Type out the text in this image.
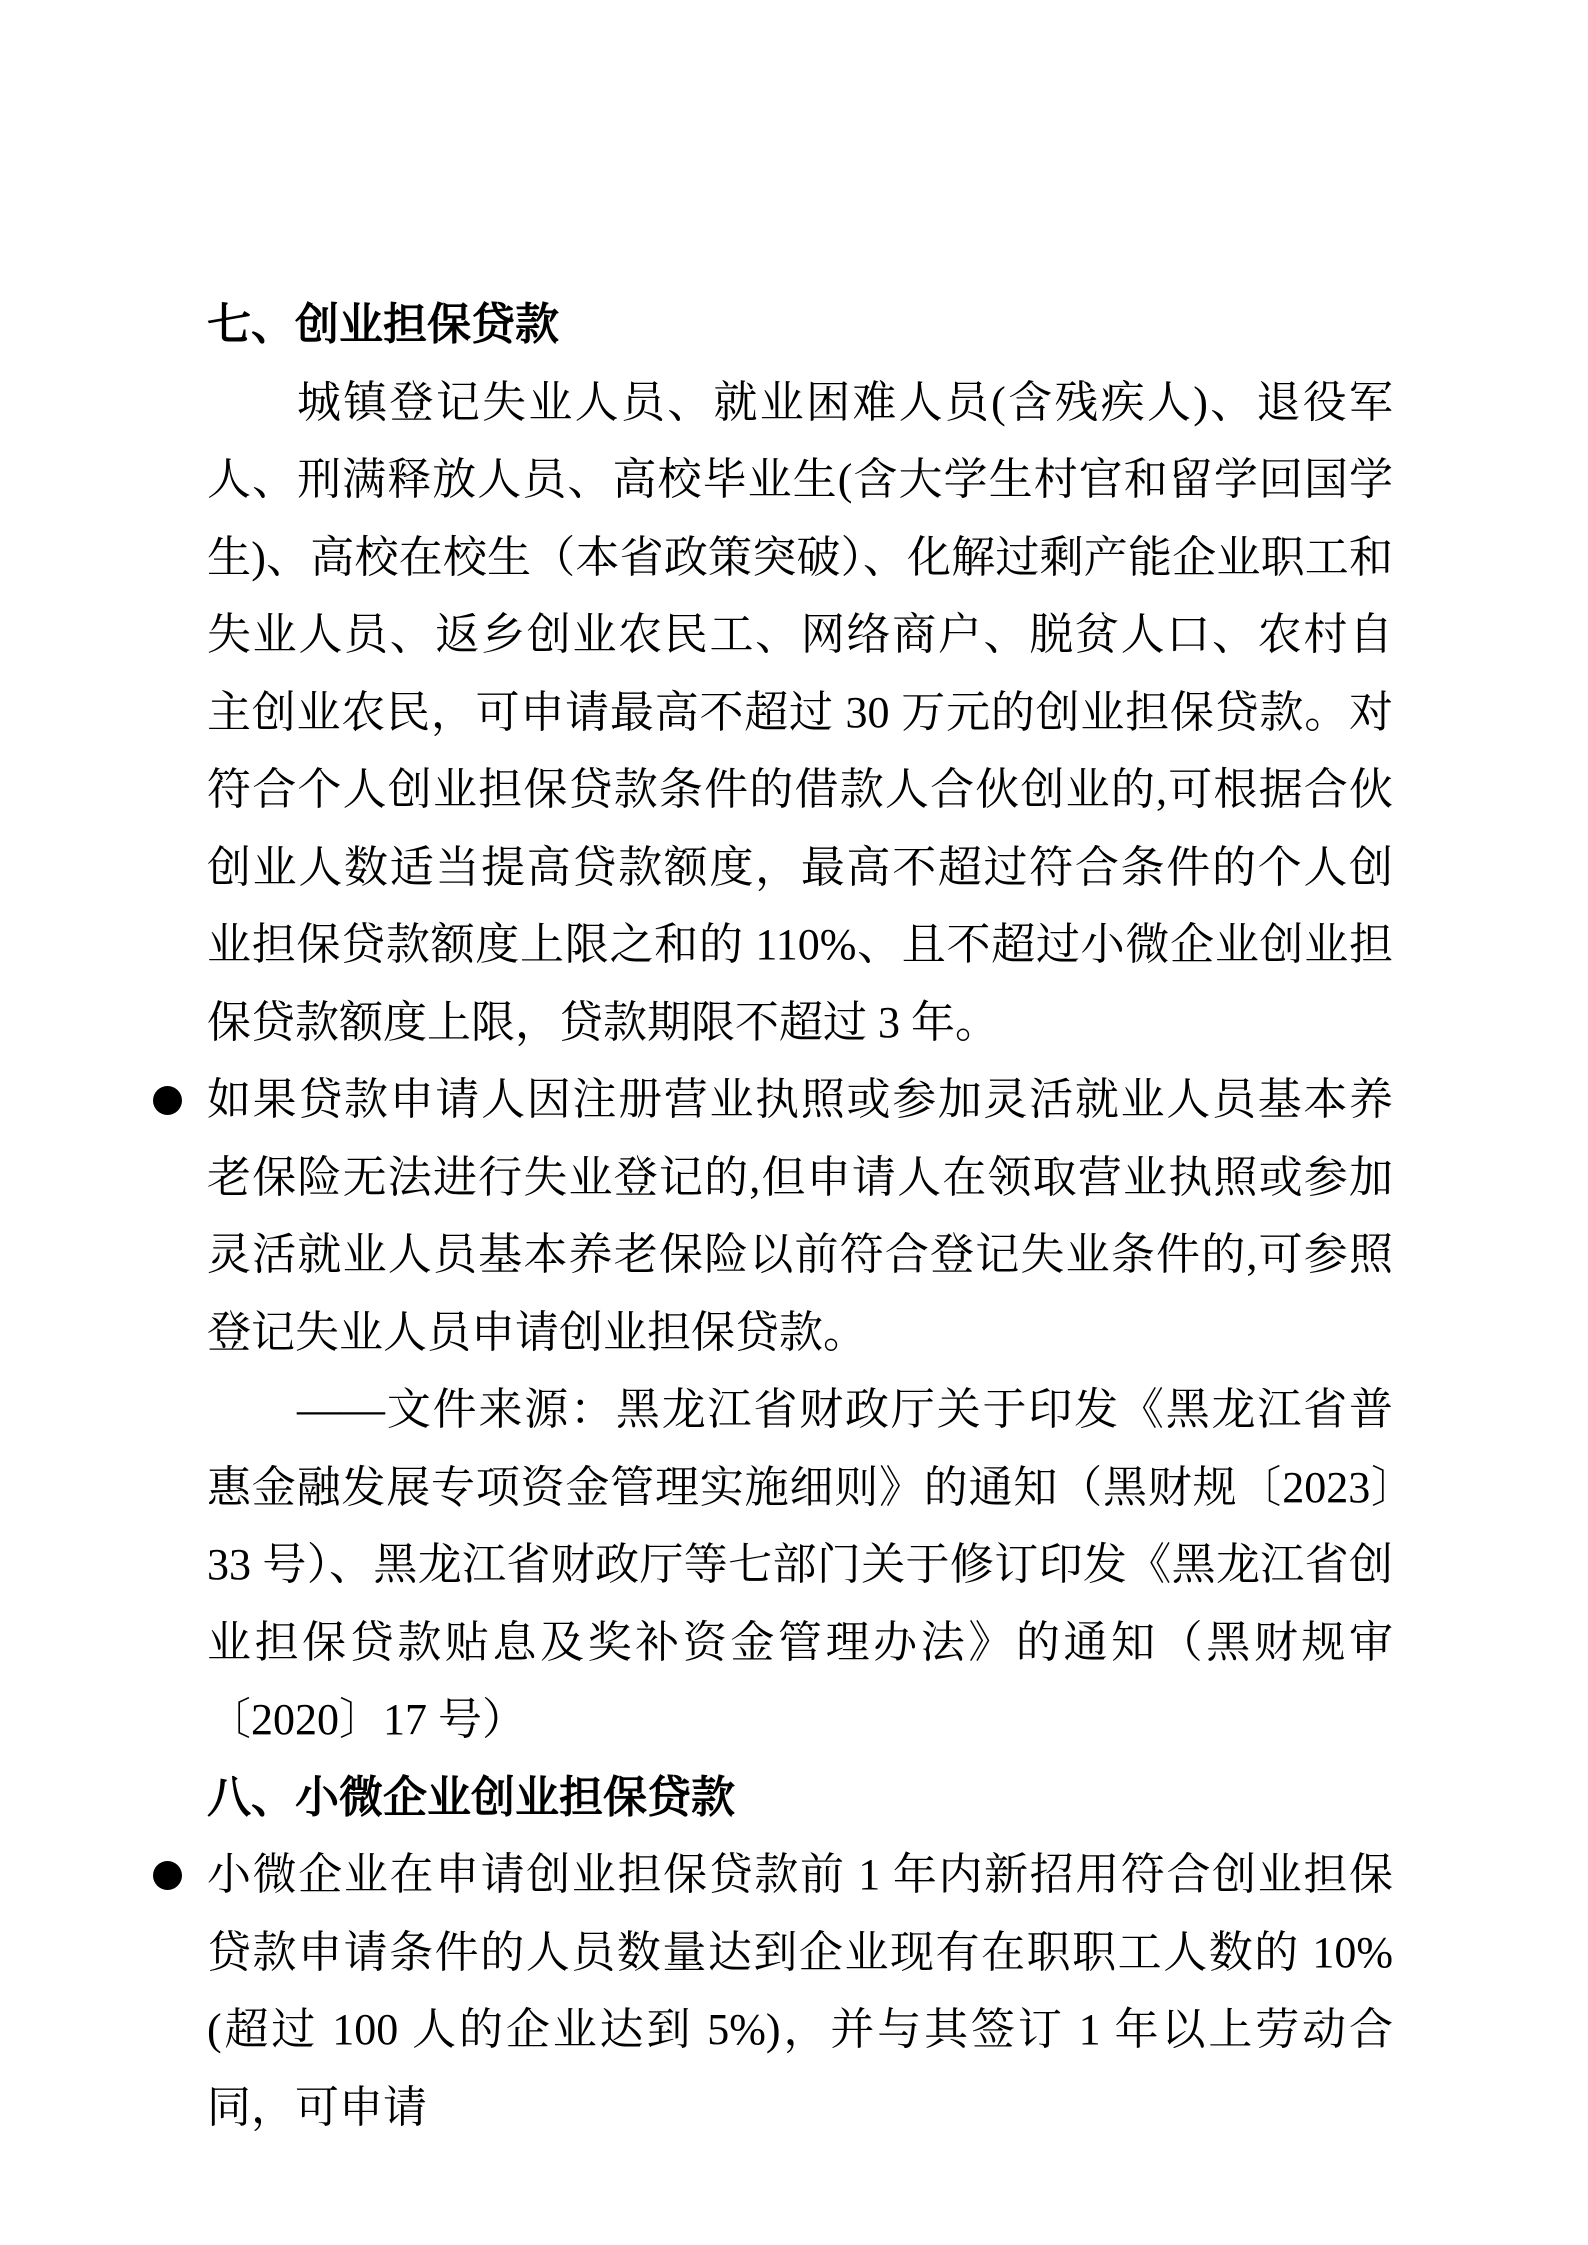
七、创业担保贷款

城镇登记失业人员、就业困难人员(含残疾人)、退役军人、刑满释放人员、高校毕业生(含大学生村官和留学回国学生)、高校在校生（本省政策突破）、化解过剩产能企业职工和失业人员、返乡创业农民工、网络商户、脱贫人口、农村自主创业农民，可申请最高不超过 30 万元的创业担保贷款。对符合个人创业担保贷款条件的借款人合伙创业的,可根据合伙创业人数适当提高贷款额度，最高不超过符合条件的个人创业担保贷款额度上限之和的 110%、且不超过小微企业创业担保贷款额度上限，贷款期限不超过 3 年。

如果贷款申请人因注册营业执照或参加灵活就业人员基本养老保险无法进行失业登记的,但申请人在领取营业执照或参加灵活就业人员基本养老保险以前符合登记失业条件的,可参照登记失业人员申请创业担保贷款。

——文件来源：黑龙江省财政厅关于印发《黑龙江省普惠金融发展专项资金管理实施细则》的通知（黑财规〔2023〕33 号）、黑龙江省财政厅等七部门关于修订印发《黑龙江省创业担保贷款贴息及奖补资金管理办法》的通知（黑财规审〔2020〕17 号）

八、小微企业创业担保贷款

小微企业在申请创业担保贷款前 1 年内新招用符合创业担保贷款申请条件的人员数量达到企业现有在职职工人数的 10%(超过 100 人的企业达到 5%)，并与其签订 1 年以上劳动合同，可申请
